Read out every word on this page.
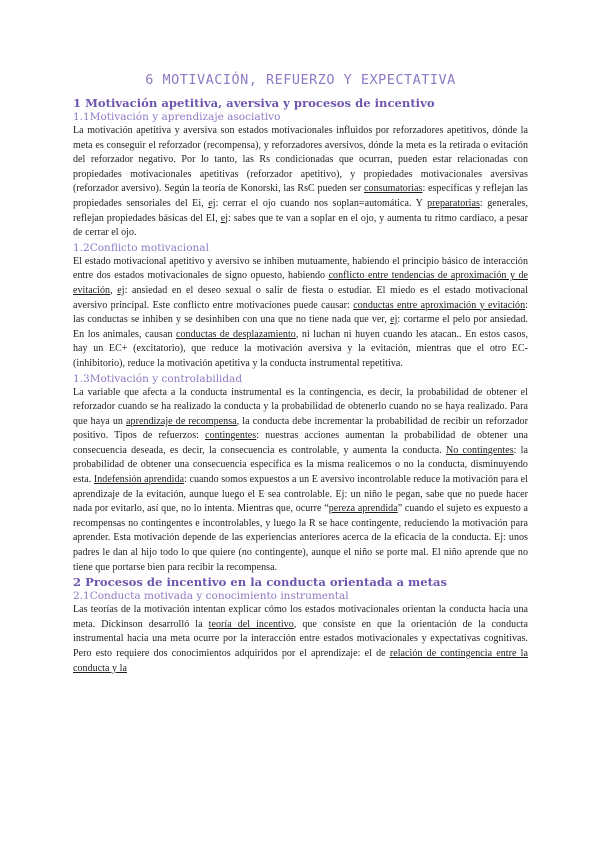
6 MOTIVACIÓN, REFUERZO Y EXPECTATIVA
1 Motivación apetitiva, aversiva y procesos de incentivo
1.1Motivación y aprendizaje asociativo

La motivación apetitiva y aversiva son estados motivacionales influidos por reforzadores apetitivos, dónde la meta es conseguir el reforzador (recompensa), y reforzadores aversivos, dónde la meta es la retirada o evitación del reforzador negativo. Por lo tanto, las Rs condicionadas que ocurran, pueden estar relacionadas con propiedades motivacionales apetitivas (reforzador apetitivo), y propiedades motivacionales aversivas (reforzador aversivo). Según la teoría de Konorski, las RsC pueden ser consumatorias: específicas y reflejan las propiedades sensoriales del Ei, ej: cerrar el ojo cuando nos soplan=automática. Y preparatorias: generales, reflejan propiedades básicas del EI, ej: sabes que te van a soplar en el ojo, y aumenta tu ritmo cardiaco, a pesar de cerrar el ojo.

1.2Conflicto motivacional

El estado motivacional apetitivo y aversivo se inhiben mutuamente, habiendo el principio básico de interacción entre dos estados motivacionales de signo opuesto, habiendo conflicto entre tendencias de aproximación y de evitación, ej: ansiedad en el deseo sexual o salir de fiesta o estudiar. El miedo es el estado motivacional aversivo principal. Este conflicto entre motivaciones puede causar: conductas entre aproximación y evitación: las conductas se inhiben y se desinhiben con una que no tiene nada que ver, ej: cortarme el pelo por ansiedad. En los animales, causan conductas de desplazamiento, ni luchan ni huyen cuando les atacan.. En estos casos, hay un EC+ (excitatorio), que reduce la motivación aversiva y la evitación, mientras que el otro EC- (inhibitorio), reduce la motivación apetitiva y la conducta instrumental repetitiva.

1.3Motivación y controlabilidad

La variable que afecta a la conducta instrumental es la contingencia, es decir, la probabilidad de obtener el reforzador cuando se ha realizado la conducta y la probabilidad de obtenerlo cuando no se haya realizado. Para que haya un aprendizaje de recompensa, la conducta debe incrementar la probabilidad de recibir un reforzador positivo. Tipos de refuerzos: contingentes: nuestras acciones aumentan la probabilidad de obtener una consecuencia deseada, es decir, la consecuencia es controlable, y aumenta la conducta. No contingentes: la probabilidad de obtener una consecuencia específica es la misma realicemos o no la conducta, disminuyendo esta. Indefensión aprendida: cuando somos expuestos a un E aversivo incontrolable reduce la motivación para el aprendizaje de la evitación, aunque luego el E sea controlable. Ej: un niño le pegan, sabe que no puede hacer nada por evitarlo, así que, no lo intenta. Mientras que, ocurre “pereza aprendida” cuando el sujeto es expuesto a recompensas no contingentes e incontrolables, y luego la R se hace contingente, reduciendo la motivación para aprender. Esta motivación depende de las experiencias anteriores acerca de la eficacia de la conducta. Ej: unos padres le dan al hijo todo lo que quiere (no contingente), aunque el niño se porte mal. El niño aprende que no tiene que portarse bien para recibir la recompensa.

2 Procesos de incentivo en la conducta orientada a metas
2.1Conducta motivada y conocimiento instrumental

Las teorías de la motivación intentan explicar cómo los estados motivacionales orientan la conducta hacia una meta. Dickinson desarrolló la teoría del incentivo, que consiste en que la orientación de la conducta instrumental hacia una meta ocurre por la interacción entre estados motivacionales y expectativas cognitivas. Pero esto requiere dos conocimientos adquiridos por el aprendizaje: el de relación de contingencia entre la conducta y la
